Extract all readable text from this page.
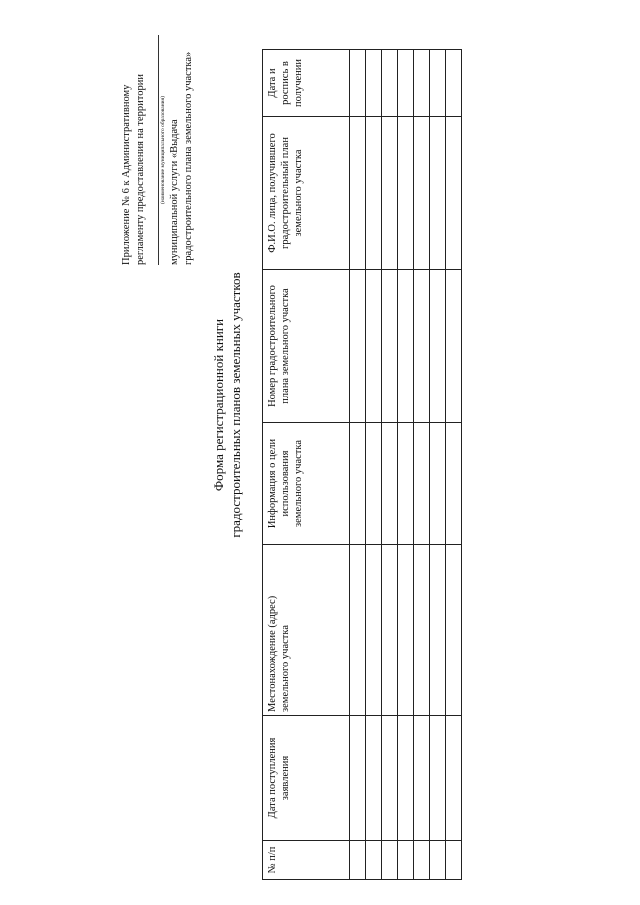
Приложение № 6 к Административному регламенту предоставления на территории	(наименование муниципального образования) муниципальной услуги «Выдача градостроительного плана земельного участка»
Форма регистрационной книги градостроительных планов земельных участков
№ п/п	Дата поступления заявления	Местонахождение (адрес) земельного участка	Информация о цели использования земельного участка	Номер градостроительного плана земельного участка	Ф.И.О. лица, получившего градостроительный план земельного участка	Дата и роспись в получении
